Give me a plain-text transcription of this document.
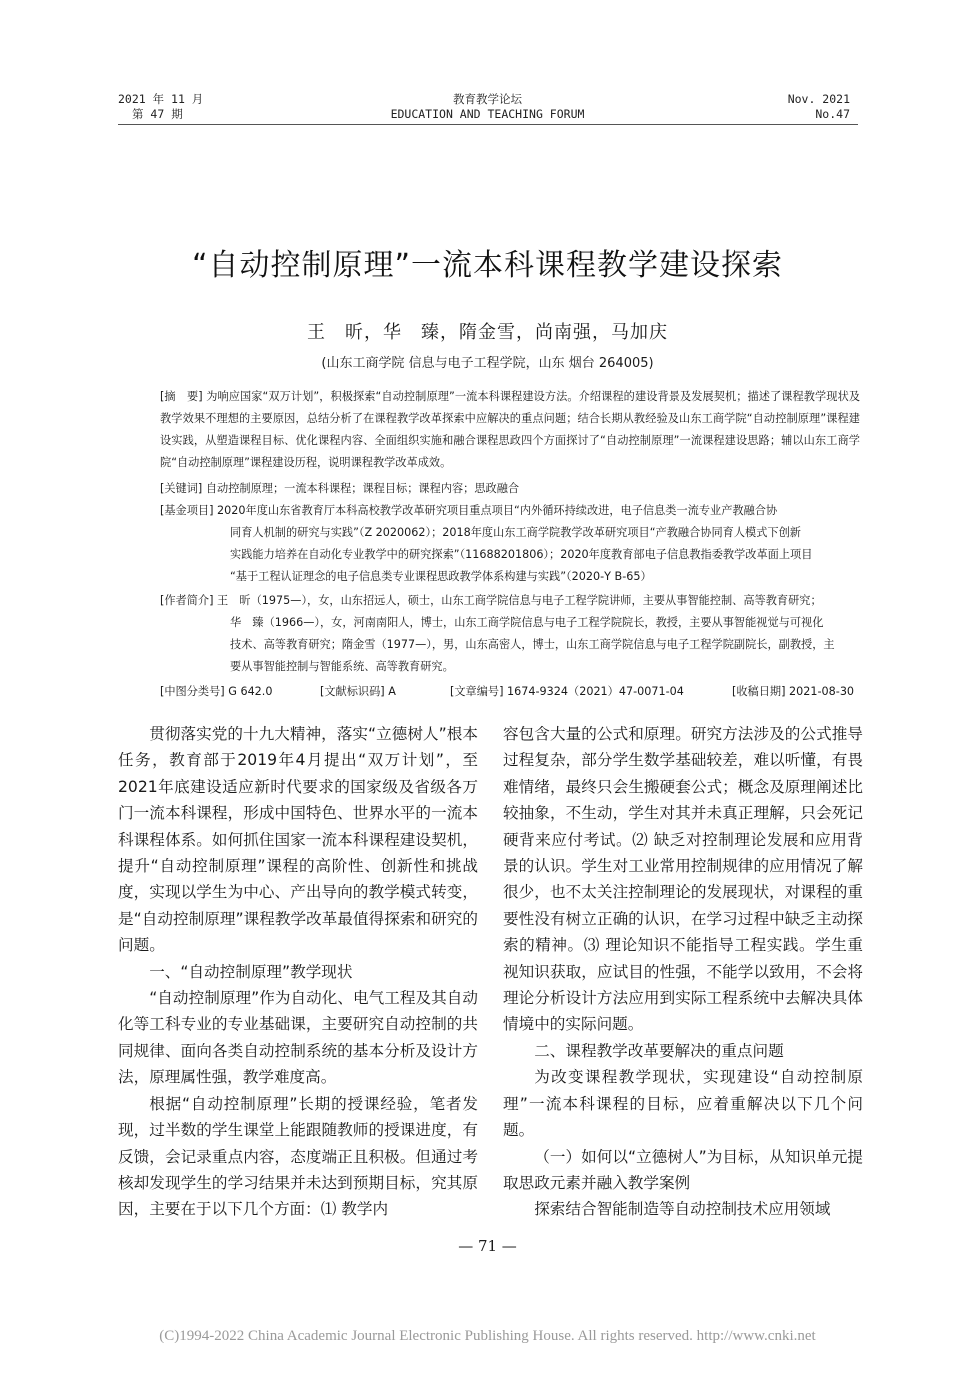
2021 年 11 月
第 47 期
教育教学论坛
EDUCATION AND TEACHING FORUM
Nov. 2021
No.47
“自动控制原理”一流本科课程教学建设探索
王　昕，华　臻，隋金雪，尚南强，马加庆
(山东工商学院 信息与电子工程学院，山东 烟台 264005)

[摘　要] 为响应国家“双万计划”，积极探索“自动控制原理”一流本科课程建设方法。介绍课程的建设背景及发展契机；描述了课程教学现状及教学效果不理想的主要原因，总结分析了在课程教学改革探索中应解决的重点问题；结合长期从教经验及山东工商学院“自动控制原理”课程建设实践，从塑造课程目标、优化课程内容、全面组织实施和融合课程思政四个方面探讨了“自动控制原理”一流课程建设思路；辅以山东工商学院“自动控制原理”课程建设历程，说明课程教学改革成效。

[关键词] 自动控制原理；一流本科课程；课程目标；课程内容；思政融合

[基金项目] 2020年度山东省教育厅本科高校教学改革研究项目重点项目“内外循环持续改进，电子信息类一流专业产教融合协

同育人机制的研究与实践”（Z 2020062）；2018年度山东工商学院教学改革研究项目“产教融合协同育人模式下创新

实践能力培养在自动化专业教学中的研究探索”（11688201806）；2020年度教育部电子信息教指委教学改革面上项目

“基于工程认证理念的电子信息类专业课程思政教学体系构建与实践”（2020-Y B-65）

[作者简介] 王　昕（1975—），女，山东招远人，硕士，山东工商学院信息与电子工程学院讲师，主要从事智能控制、高等教育研究；

华　臻（1966—），女，河南南阳人，博士，山东工商学院信息与电子工程学院院长，教授，主要从事智能视觉与可视化

技术、高等教育研究；隋金雪（1977—），男，山东高密人，博士，山东工商学院信息与电子工程学院副院长，副教授，主

要从事智能控制与智能系统、高等教育研究。

[中图分类号] G 642.0	[文献标识码] A	[文章编号] 1674-9324（2021）47-0071-04	[收稿日期] 2021-08-30

贯彻落实党的十九大精神，落实“立德树人”根本任务，教育部于2019年4月提出“双万计划”，至2021年底建设适应新时代要求的国家级及省级各万门一流本科课程，形成中国特色、世界水平的一流本科课程体系。如何抓住国家一流本科课程建设契机，提升“自动控制原理”课程的高阶性、创新性和挑战度，实现以学生为中心、产出导向的教学模式转变，是“自动控制原理”课程教学改革最值得探索和研究的问题。

一、“自动控制原理”教学现状

“自动控制原理”作为自动化、电气工程及其自动化等工科专业的专业基础课，主要研究自动控制的共同规律、面向各类自动控制系统的基本分析及设计方法，原理属性强，教学难度高。

根据“自动控制原理”长期的授课经验，笔者发现，过半数的学生课堂上能跟随教师的授课进度，有反馈，会记录重点内容，态度端正且积极。但通过考核却发现学生的学习结果并未达到预期目标，究其原因，主要在于以下几个方面：⑴ 教学内

容包含大量的公式和原理。研究方法涉及的公式推导过程复杂，部分学生数学基础较差，难以听懂，有畏难情绪，最终只会生搬硬套公式；概念及原理阐述比较抽象，不生动，学生对其并未真正理解，只会死记硬背来应付考试。⑵ 缺乏对控制理论发展和应用背景的认识。学生对工业常用控制规律的应用情况了解很少，也不太关注控制理论的发展现状，对课程的重要性没有树立正确的认识，在学习过程中缺乏主动探索的精神。⑶ 理论知识不能指导工程实践。学生重视知识获取，应试目的性强，不能学以致用，不会将理论分析设计方法应用到实际工程系统中去解决具体情境中的实际问题。

二、课程教学改革要解决的重点问题

为改变课程教学现状，实现建设“自动控制原理”一流本科课程的目标，应着重解决以下几个问题。

（一）如何以“立德树人”为目标，从知识单元提取思政元素并融入教学案例

探索结合智能制造等自动控制技术应用领域

— 71 —
(C)1994-2022 China Academic Journal Electronic Publishing House. All rights reserved. http://www.cnki.net
